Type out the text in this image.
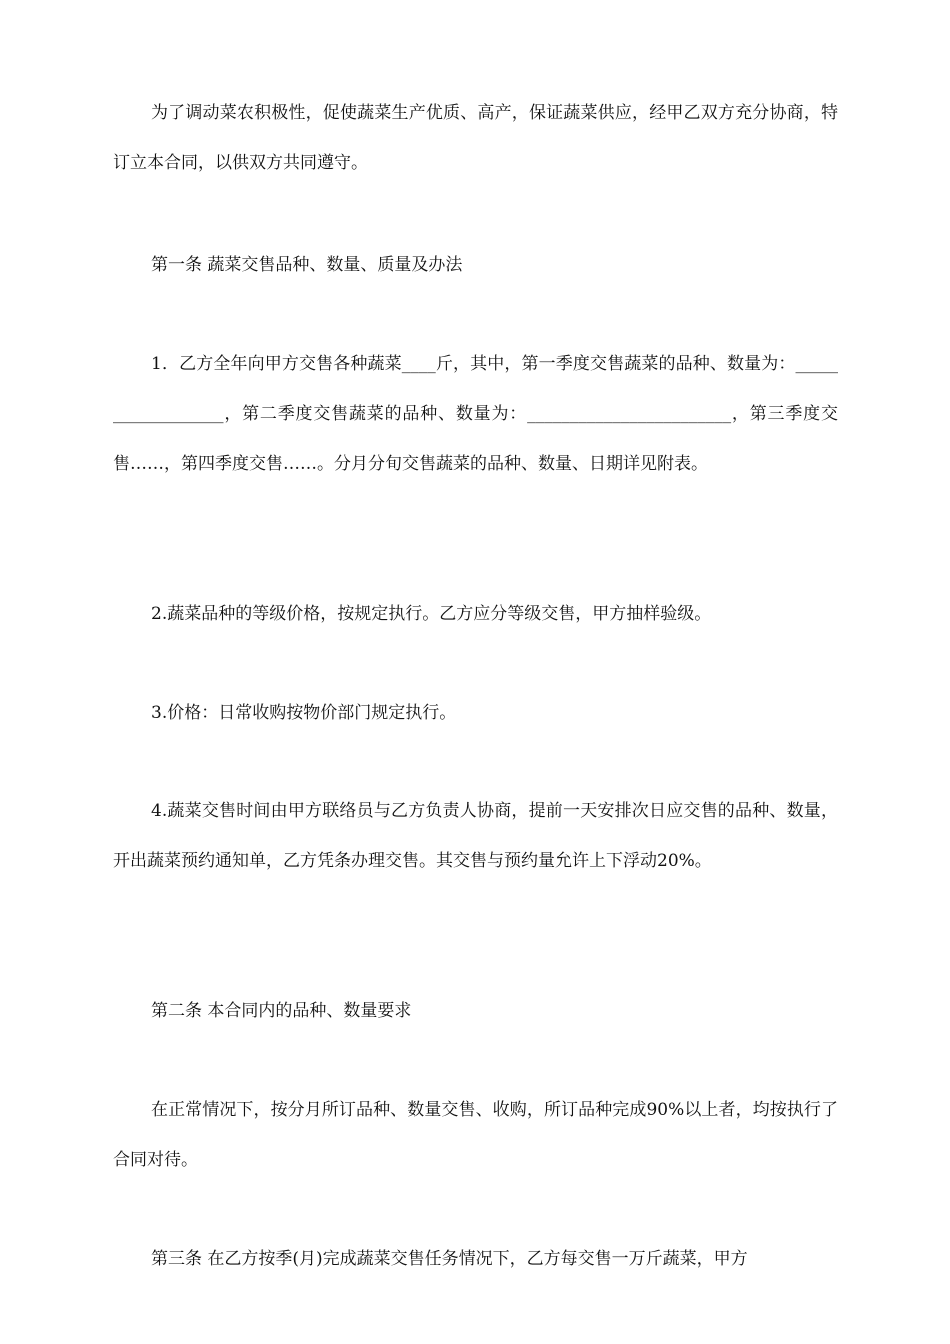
为了调动菜农积极性，促使蔬菜生产优质、高产，保证蔬菜供应，经甲乙双方充分协商，特订立本合同，以供双方共同遵守。

第一条 蔬菜交售品种、数量、质量及办法

1．乙方全年向甲方交售各种蔬菜____斤，其中，第一季度交售蔬菜的品种、数量为：__________________，第二季度交售蔬菜的品种、数量为：________________________，第三季度交售……，第四季度交售……。分月分旬交售蔬菜的品种、数量、日期详见附表。

2.蔬菜品种的等级价格，按规定执行。乙方应分等级交售，甲方抽样验级。

3.价格：日常收购按物价部门规定执行。

4.蔬菜交售时间由甲方联络员与乙方负责人协商，提前一天安排次日应交售的品种、数量，开出蔬菜预约通知单，乙方凭条办理交售。其交售与预约量允许上下浮动20%。

第二条 本合同内的品种、数量要求

在正常情况下，按分月所订品种、数量交售、收购，所订品种完成90%以上者，均按执行了合同对待。

第三条 在乙方按季(月)完成蔬菜交售任务情况下，乙方每交售一万斤蔬菜，甲方
